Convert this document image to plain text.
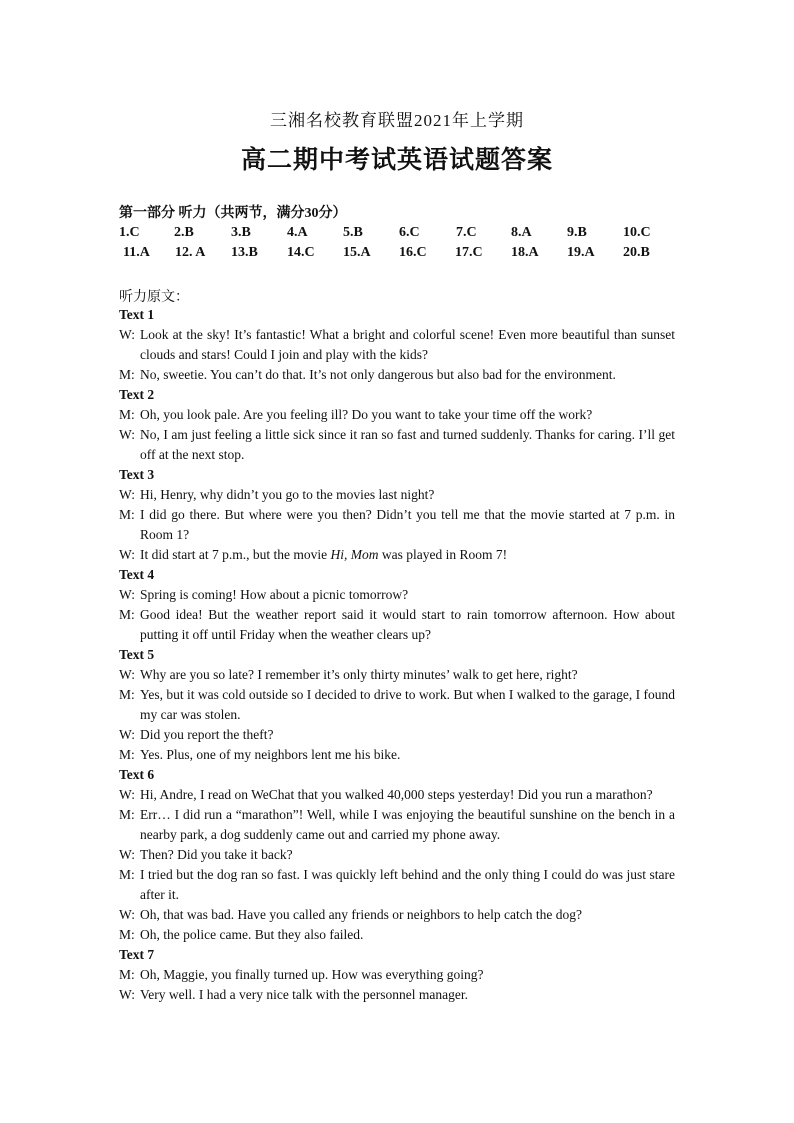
三湘名校教育联盟2021年上学期
高二期中考试英语试题答案
第一部分 听力（共两节，满分30分）
1.C 2.B	3.B	4.A	5.B	6.C	7.C 8.A	9.B	10.C
11.A 12. A 13.B 14.C 15.A 16.C 17.C 18.A 19.A 20.B
听力原文：
Text 1
W: Look at the sky! It’s fantastic! What a bright and colorful scene! Even more beautiful than sunset clouds and stars! Could I join and play with the kids?
M: No, sweetie. You can’t do that. It’s not only dangerous but also bad for the environment.
Text 2
M: Oh, you look pale. Are you feeling ill? Do you want to take your time off the work?
W: No, I am just feeling a little sick since it ran so fast and turned suddenly. Thanks for caring. I’ll get off at the next stop.
Text 3
W: Hi, Henry, why didn’t you go to the movies last night?
M: I did go there. But where were you then? Didn’t you tell me that the movie started at 7 p.m. in Room 1?
W: It did start at 7 p.m., but the movie Hi, Mom was played in Room 7!
Text 4
W: Spring is coming! How about a picnic tomorrow?
M: Good idea! But the weather report said it would start to rain tomorrow afternoon. How about putting it off until Friday when the weather clears up?
Text 5
W: Why are you so late? I remember it’s only thirty minutes’ walk to get here, right?
M: Yes, but it was cold outside so I decided to drive to work. But when I walked to the garage, I found my car was stolen.
W: Did you report the theft?
M: Yes. Plus, one of my neighbors lent me his bike.
Text 6
W: Hi, Andre, I read on WeChat that you walked 40,000 steps yesterday! Did you run a marathon?
M: Err… I did run a “marathon”! Well, while I was enjoying the beautiful sunshine on the bench in a nearby park, a dog suddenly came out and carried my phone away.
W: Then? Did you take it back?
M: I tried but the dog ran so fast. I was quickly left behind and the only thing I could do was just stare after it.
W: Oh, that was bad. Have you called any friends or neighbors to help catch the dog?
M: Oh, the police came. But they also failed.
Text 7
M: Oh, Maggie, you finally turned up. How was everything going?
W: Very well. I had a very nice talk with the personnel manager.
